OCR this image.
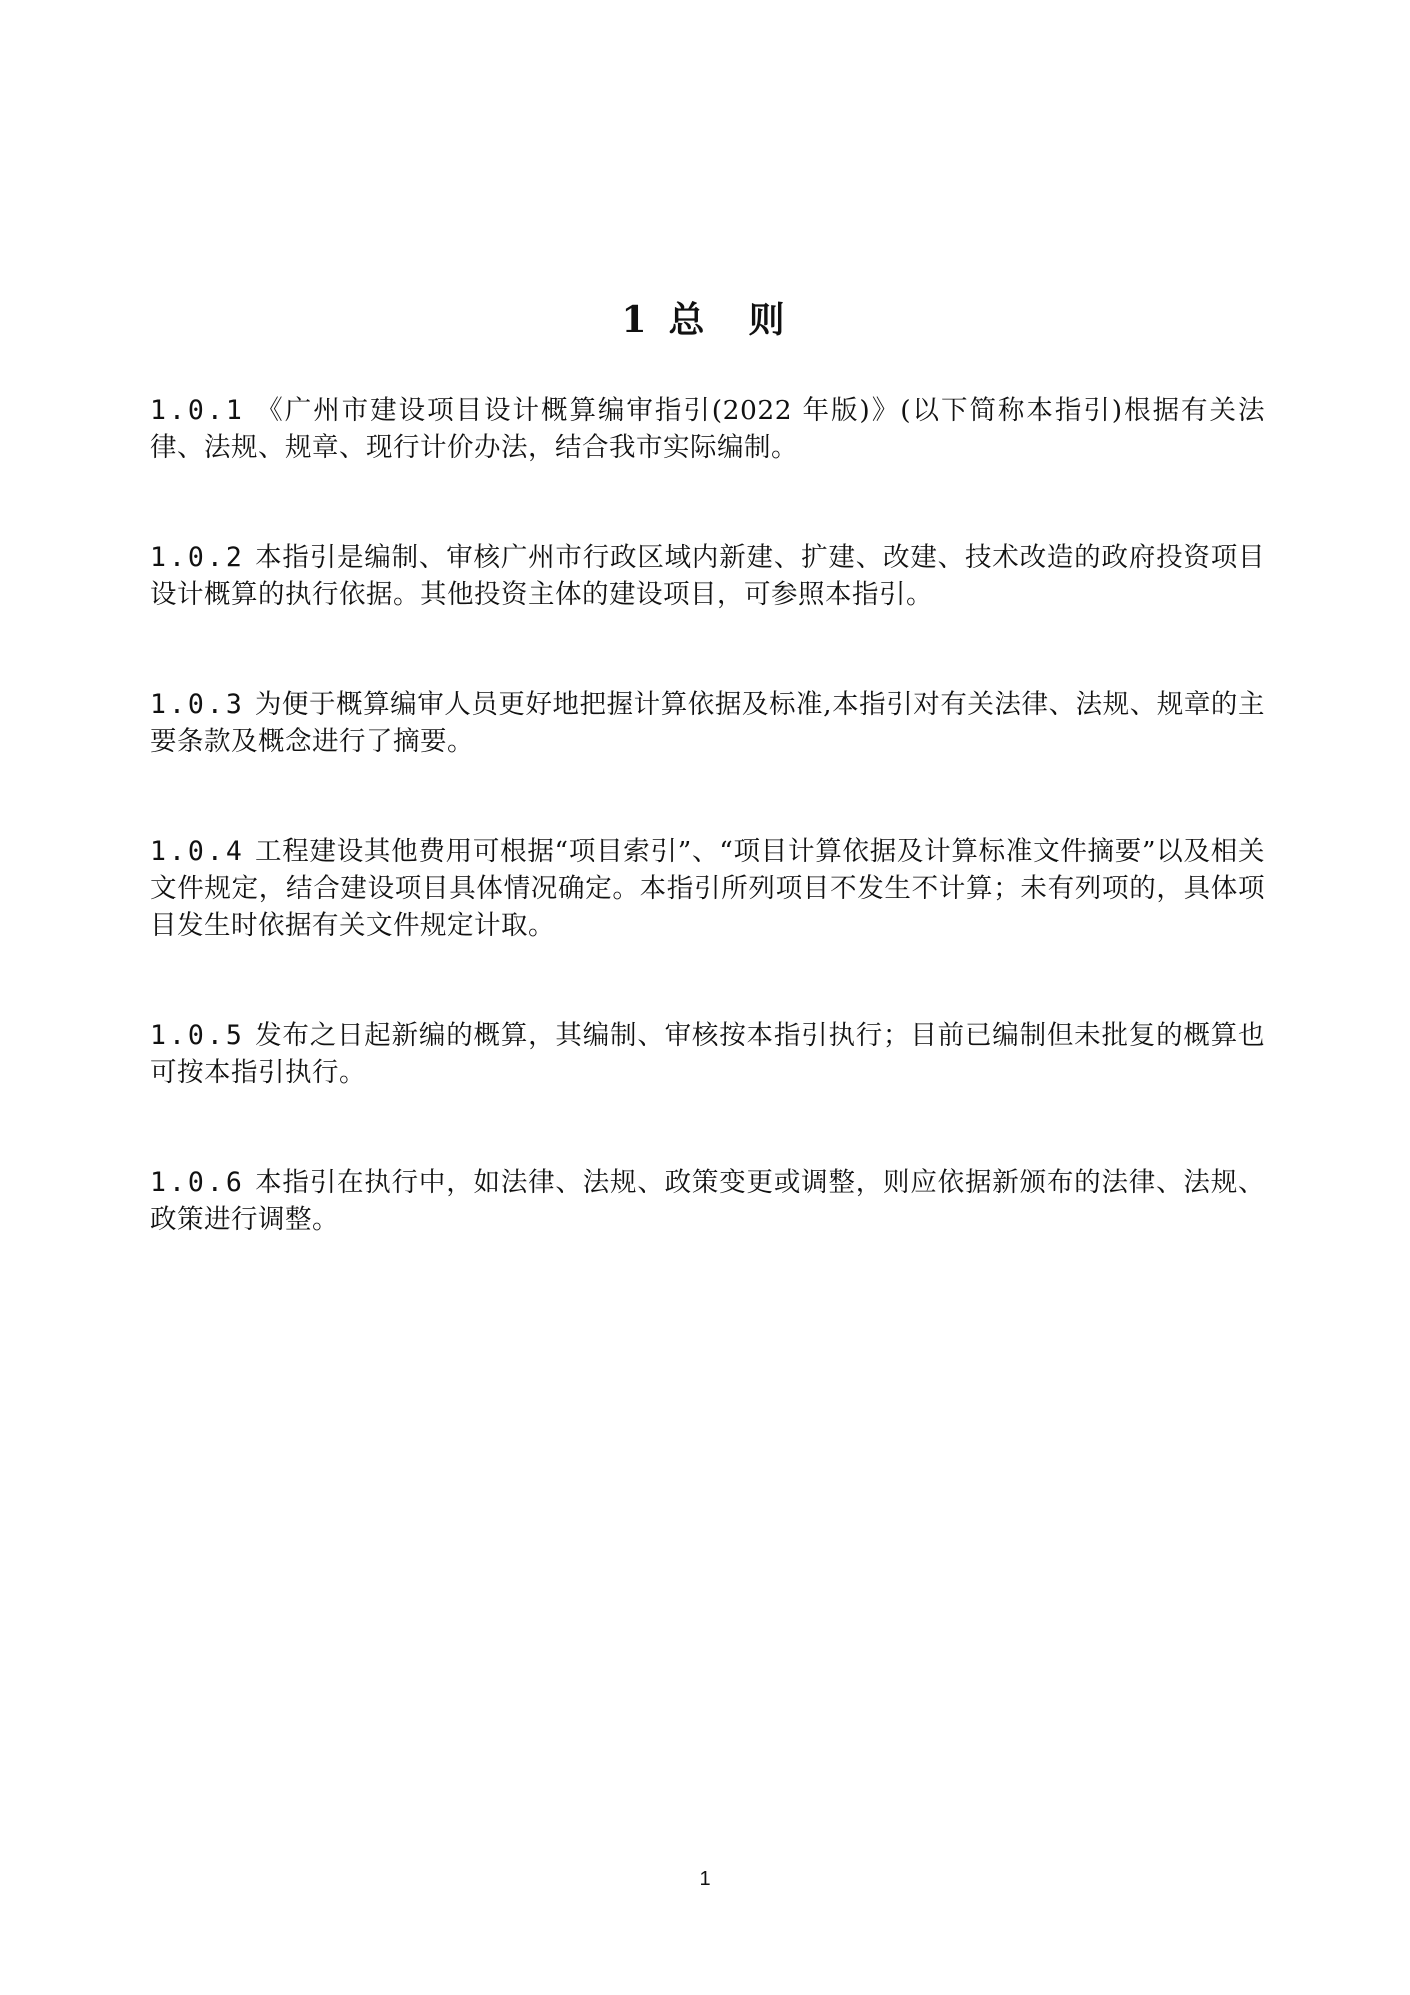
1 总 则

1.0.1 《广州市建设项目设计概算编审指引(2022 年版)》(以下简称本指引)根据有关法律、法规、规章、现行计价办法，结合我市实际编制。

1.0.2 本指引是编制、审核广州市行政区域内新建、扩建、改建、技术改造的政府投资项目设计概算的执行依据。其他投资主体的建设项目，可参照本指引。

1.0.3 为便于概算编审人员更好地把握计算依据及标准,本指引对有关法律、法规、规章的主要条款及概念进行了摘要。

1.0.4 工程建设其他费用可根据“项目索引”、“项目计算依据及计算标准文件摘要”以及相关文件规定，结合建设项目具体情况确定。本指引所列项目不发生不计算；未有列项的，具体项目发生时依据有关文件规定计取。

1.0.5 发布之日起新编的概算，其编制、审核按本指引执行；目前已编制但未批复的概算也可按本指引执行。

1.0.6 本指引在执行中，如法律、法规、政策变更或调整，则应依据新颁布的法律、法规、政策进行调整。

1
